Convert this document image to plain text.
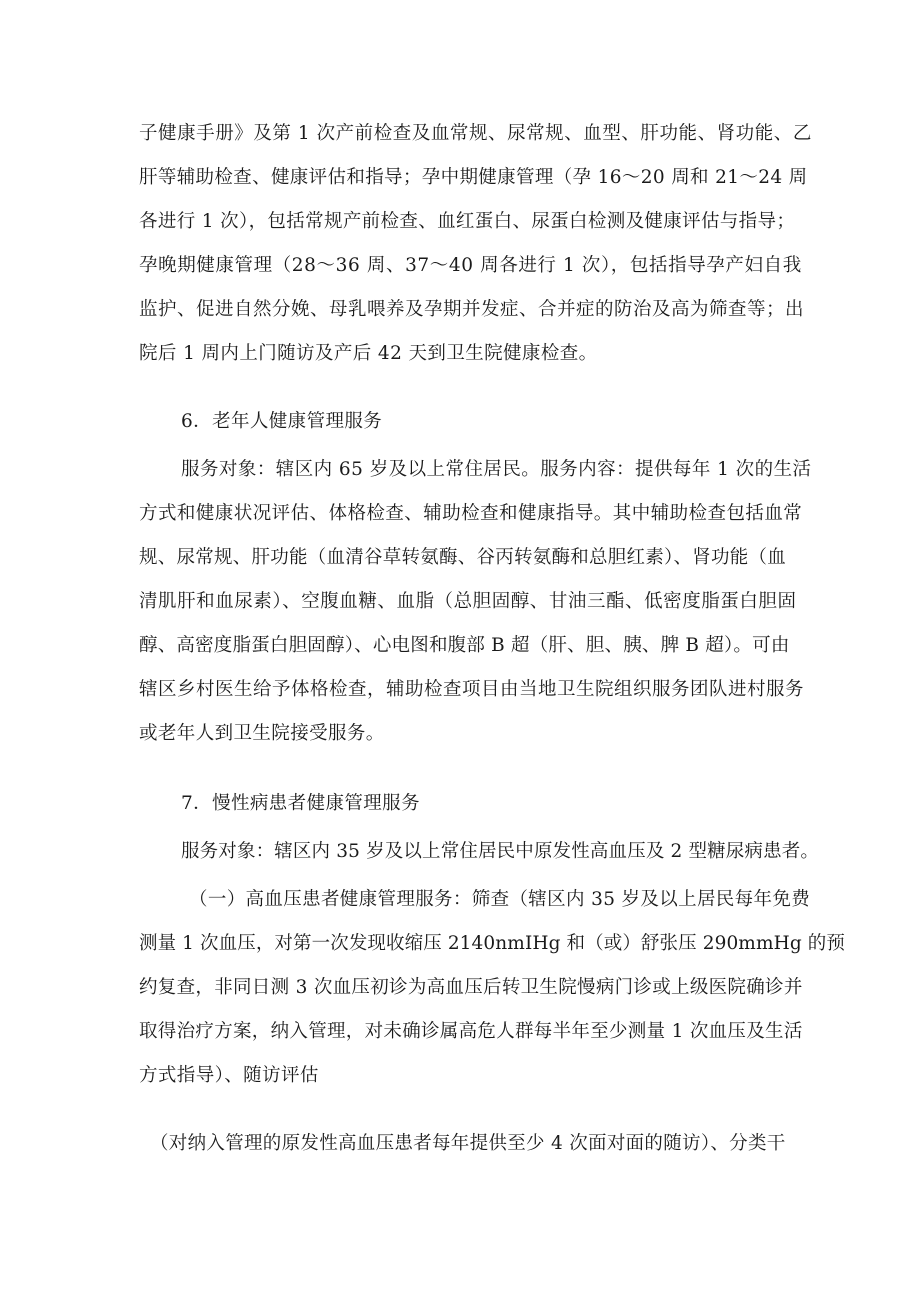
子健康手册》及第 1 次产前检查及血常规、尿常规、血型、肝功能、肾功能、乙
肝等辅助检查、健康评估和指导；孕中期健康管理（孕 16～20 周和 21～24 周
各进行 1 次），包括常规产前检查、血红蛋白、尿蛋白检测及健康评估与指导；
孕晚期健康管理（28～36 周、37～40 周各进行 1 次），包括指导孕产妇自我
监护、促进自然分娩、母乳喂养及孕期并发症、合并症的防治及高为筛查等；出
院后 1 周内上门随访及产后 42 天到卫生院健康检查。
6．老年人健康管理服务
服务对象：辖区内 65 岁及以上常住居民。服务内容：提供每年 1 次的生活
方式和健康状况评估、体格检查、辅助检查和健康指导。其中辅助检查包括血常
规、尿常规、肝功能（血清谷草转氨酶、谷丙转氨酶和总胆红素）、肾功能（血
清肌肝和血尿素）、空腹血糖、血脂（总胆固醇、甘油三酯、低密度脂蛋白胆固
醇、高密度脂蛋白胆固醇）、心电图和腹部 B 超（肝、胆、胰、脾 B 超）。可由
辖区乡村医生给予体格检查，辅助检查项目由当地卫生院组织服务团队进村服务
或老年人到卫生院接受服务。
7．慢性病患者健康管理服务
服务对象：辖区内 35 岁及以上常住居民中原发性高血压及 2 型糖尿病患者。
（一）高血压患者健康管理服务：筛查（辖区内 35 岁及以上居民每年免费
测量 1 次血压，对第一次发现收缩压 2140nmIHg 和（或）舒张压 290mmHg 的预
约复查，非同日测 3 次血压初诊为高血压后转卫生院慢病门诊或上级医院确诊并
取得治疗方案，纳入管理，对未确诊属高危人群每半年至少测量 1 次血压及生活
方式指导）、随访评估
（对纳入管理的原发性高血压患者每年提供至少 4 次面对面的随访）、分类干
